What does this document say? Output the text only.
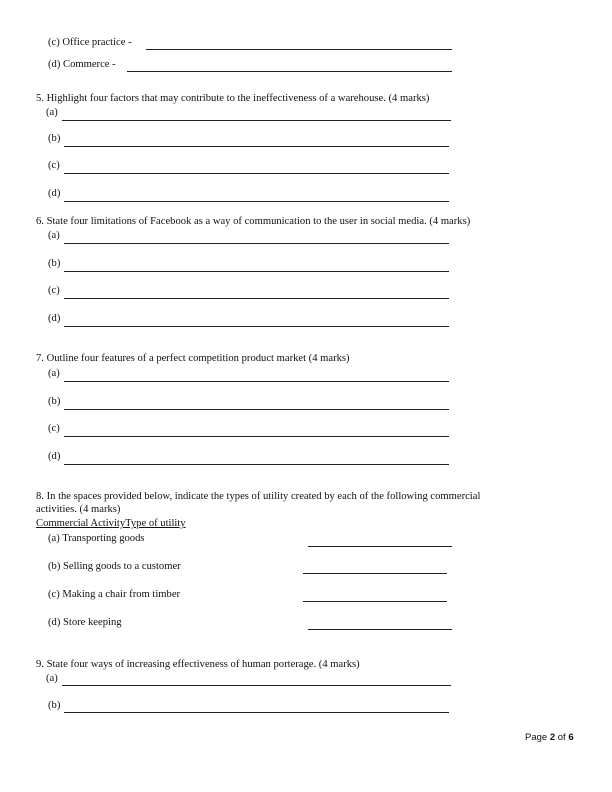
(c) Office practice -
(d) Commerce -
5. Highlight four factors that may contribute to the ineffectiveness of a warehouse. (4 marks)
(a)
(b)
(c)
(d)
6. State four limitations of Facebook as a way of communication to the user in social media. (4 marks)
(a)
(b)
(c)
(d)
7. Outline four features of a perfect competition product market (4 marks)
(a)
(b)
(c)
(d)
8. In the spaces provided below, indicate the types of utility created by each of the following commercial
activities. (4 marks)
Commercial ActivityType of utility
(a) Transporting goods
(b) Selling goods to a customer
(c) Making a chair from timber
(d) Store keeping
9. State four ways of increasing effectiveness of human porterage. (4 marks)
(a)
(b)
Page 2 of 6
